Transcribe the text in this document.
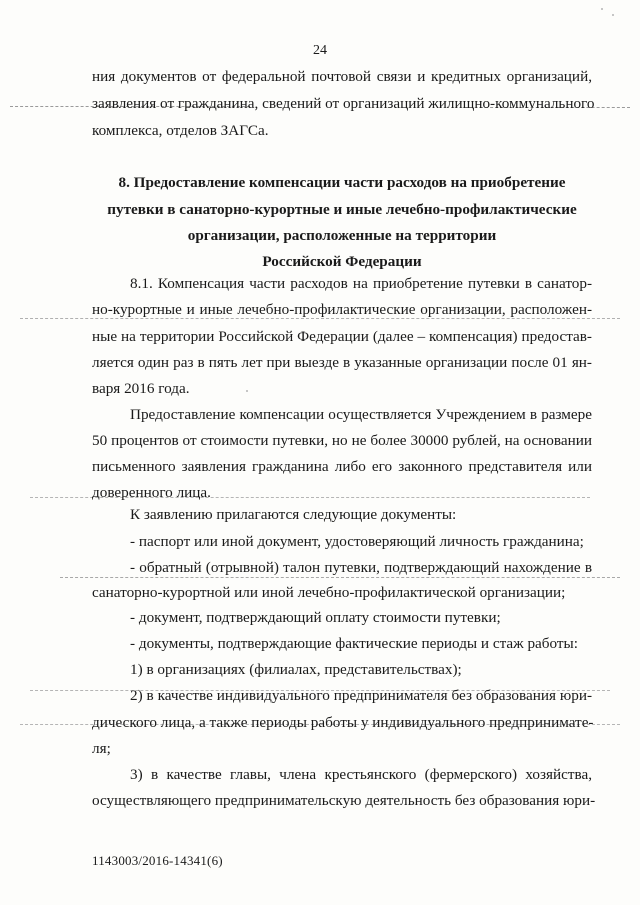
24
ния документов от федеральной почтовой связи и кредитных организаций,
заявления от гражданина, сведений от организаций жилищно-коммунального
комплекса, отделов ЗАГСа.
8. Предоставление компенсации части расходов на приобретение
путевки в санаторно-курортные и иные лечебно-профилактические
организации, расположенные на территории
Российской Федерации
8.1. Компенсация части расходов на приобретение путевки в санатор-
но-курортные и иные лечебно-профилактические организации, расположен-
ные на территории Российской Федерации (далее – компенсация) предостав-
ляется один раз в пять лет при выезде в указанные организации после 01 ян-
варя 2016 года.
Предоставление компенсации осуществляется Учреждением в размере
50 процентов от стоимости путевки, но не более 30000 рублей, на основании
письменного заявления гражданина либо его законного представителя или
доверенного лица.
К заявлению прилагаются следующие документы:
- паспорт или иной документ, удостоверяющий личность гражданина;
- обратный (отрывной) талон путевки, подтверждающий нахождение в
санаторно-курортной или иной лечебно-профилактической организации;
- документ, подтверждающий оплату стоимости путевки;
- документы, подтверждающие фактические периоды и стаж работы:
1) в организациях (филиалах, представительствах);
2) в качестве индивидуального предпринимателя без образования юри-
дического лица, а также периоды работы у индивидуального предпринимате-
ля;
3) в качестве главы, члена крестьянского (фермерского) хозяйства,
осуществляющего предпринимательскую деятельность без образования юри-
1143003/2016-14341(6)
